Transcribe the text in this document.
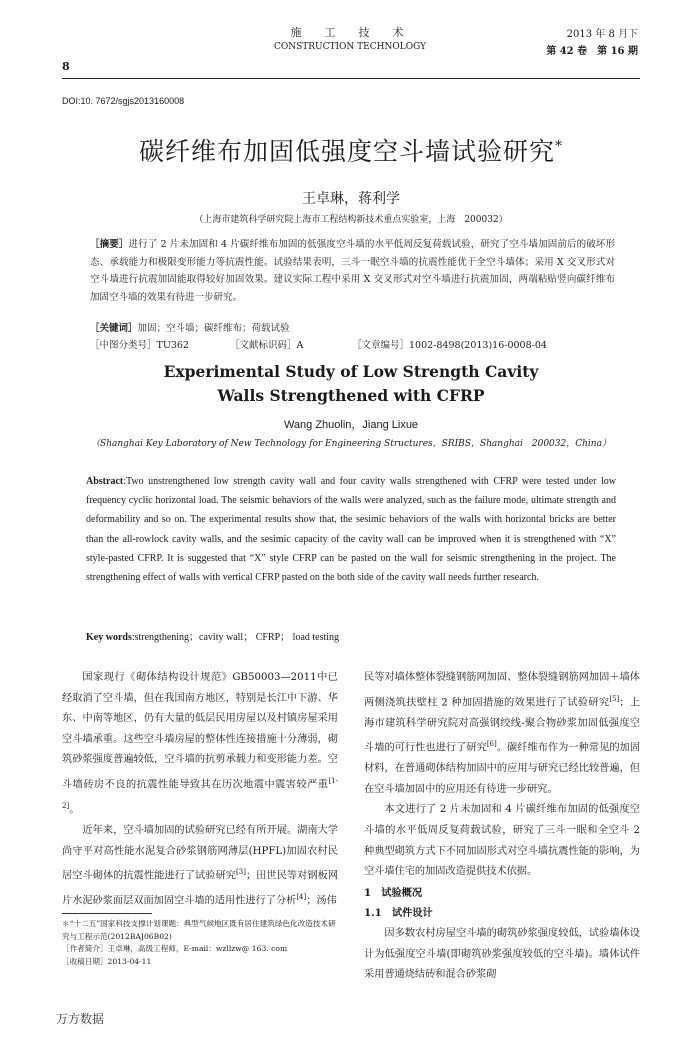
8
施　工　技　术
CONSTRUCTION TECHNOLOGY
2013 年 8 月下
第 42 卷　第 16 期
DOI:10. 7672/sgjs2013160008
碳纤维布加固低强度空斗墙试验研究*
王卓琳，蒋利学
（上海市建筑科学研究院上海市工程结构新技术重点实验室，上海　200032）
［摘要］进行了 2 片未加固和 4 片碳纤维布加固的低强度空斗墙的水平低周反复荷载试验，研究了空斗墙加固前后的破坏形态、承载能力和极限变形能力等抗震性能。试验结果表明，三斗一眠空斗墙的抗震性能优于全空斗墙体；采用 X 交叉形式对空斗墙进行抗震加固能取得较好加固效果。建议实际工程中采用 X 交叉形式对空斗墙进行抗震加固，两端粘贴竖向碳纤维布加固空斗墙的效果有待进一步研究。
［关键词］加固；空斗墙；碳纤维布；荷载试验
［中图分类号］TU362	［文献标识码］A	［文章编号］1002-8498(2013)16-0008-04
Experimental Study of Low Strength Cavity
Walls Strengthened with CFRP
Wang Zhuolin，Jiang Lixue
（Shanghai Key Laboratory of New Technology for Engineering Structures，SRIBS，Shanghai　200032，China）
Abstract:Two unstrengthened low strength cavity wall and four cavity walls strengthened with CFRP were tested under low frequency cyclic horizontal load. The seismic behaviors of the walls were analyzed, such as the failure mode, ultimate strength and deformability and so on. The experimental results show that, the sesimic behaviors of the walls with horizontal bricks are better than the all-rowlock cavity walls, and the sesimic capacity of the cavity wall can be improved when it is strengthened with “X” style-pasted CFRP. It is suggested that “X” style CFRP can be pasted on the wall for seismic strengthening in the project. The strengthening effect of walls with vertical CFRP pasted on the both side of the cavity wall needs further research.
Key words:strengthening；cavity wall； CFRP； load testing

国家现行《砌体结构设计规范》GB50003—2011中已经取消了空斗墙，但在我国南方地区，特别是长江中下游、华东、中南等地区，仍有大量的低层民用房屋以及村镇房屋采用空斗墙承重。这些空斗墙房屋的整体性连接措施十分薄弱，砌筑砂浆强度普遍较低，空斗墙的抗剪承载力和变形能力差。空斗墙砖房不良的抗震性能导致其在历次地震中震害较严重[1-2]。

近年来，空斗墙加固的试验研究已经有所开展。湖南大学尚守平对高性能水泥复合砂浆钢筋网薄层(HPFL)加固农村民居空斗砌体的抗震性能进行了试验研究[3]；田世民等对钢板网片水泥砂浆面层双面加固空斗墙的适用性进行了分析[4]；汤伟

民等对墙体整体裂缝钢筋网加固、整体裂缝钢筋网加固＋墙体两侧浇筑扶壁柱 2 种加固措施的效果进行了试验研究[5]；上海市建筑科学研究院对高强钢绞线-聚合物砂浆加固低强度空斗墙的可行性也进行了研究[6]。碳纤维布作为一种常见的加固材料，在普通砌体结构加固中的应用与研究已经比较普遍，但在空斗墙加固中的应用还有待进一步研究。

本文进行了 2 片未加固和 4 片碳纤维布加固的低强度空斗墙的水平低周反复荷载试验，研究了三斗一眠和全空斗 2 种典型砌筑方式下不同加固形式对空斗墙抗震性能的影响，为空斗墙住宅的加固改造提供技术依据。

1　试验概况

1.1　试件设计

因多数农村房屋空斗墙的砌筑砂浆强度较低，试验墙体设计为低强度空斗墙(即砌筑砂浆强度较低的空斗墙)。墙体试件采用普通烧结砖和混合砂浆砌

＊“十二五”国家科技支撑计划课题：典型气候地区既有居住建筑绿色化改造技术研究与工程示范(2012BAJ06B02)
［作者简介］王卓琳，高级工程师，E-mail：wzllzw@ 163. com
［收稿日期］2013-04-11
万方数据
